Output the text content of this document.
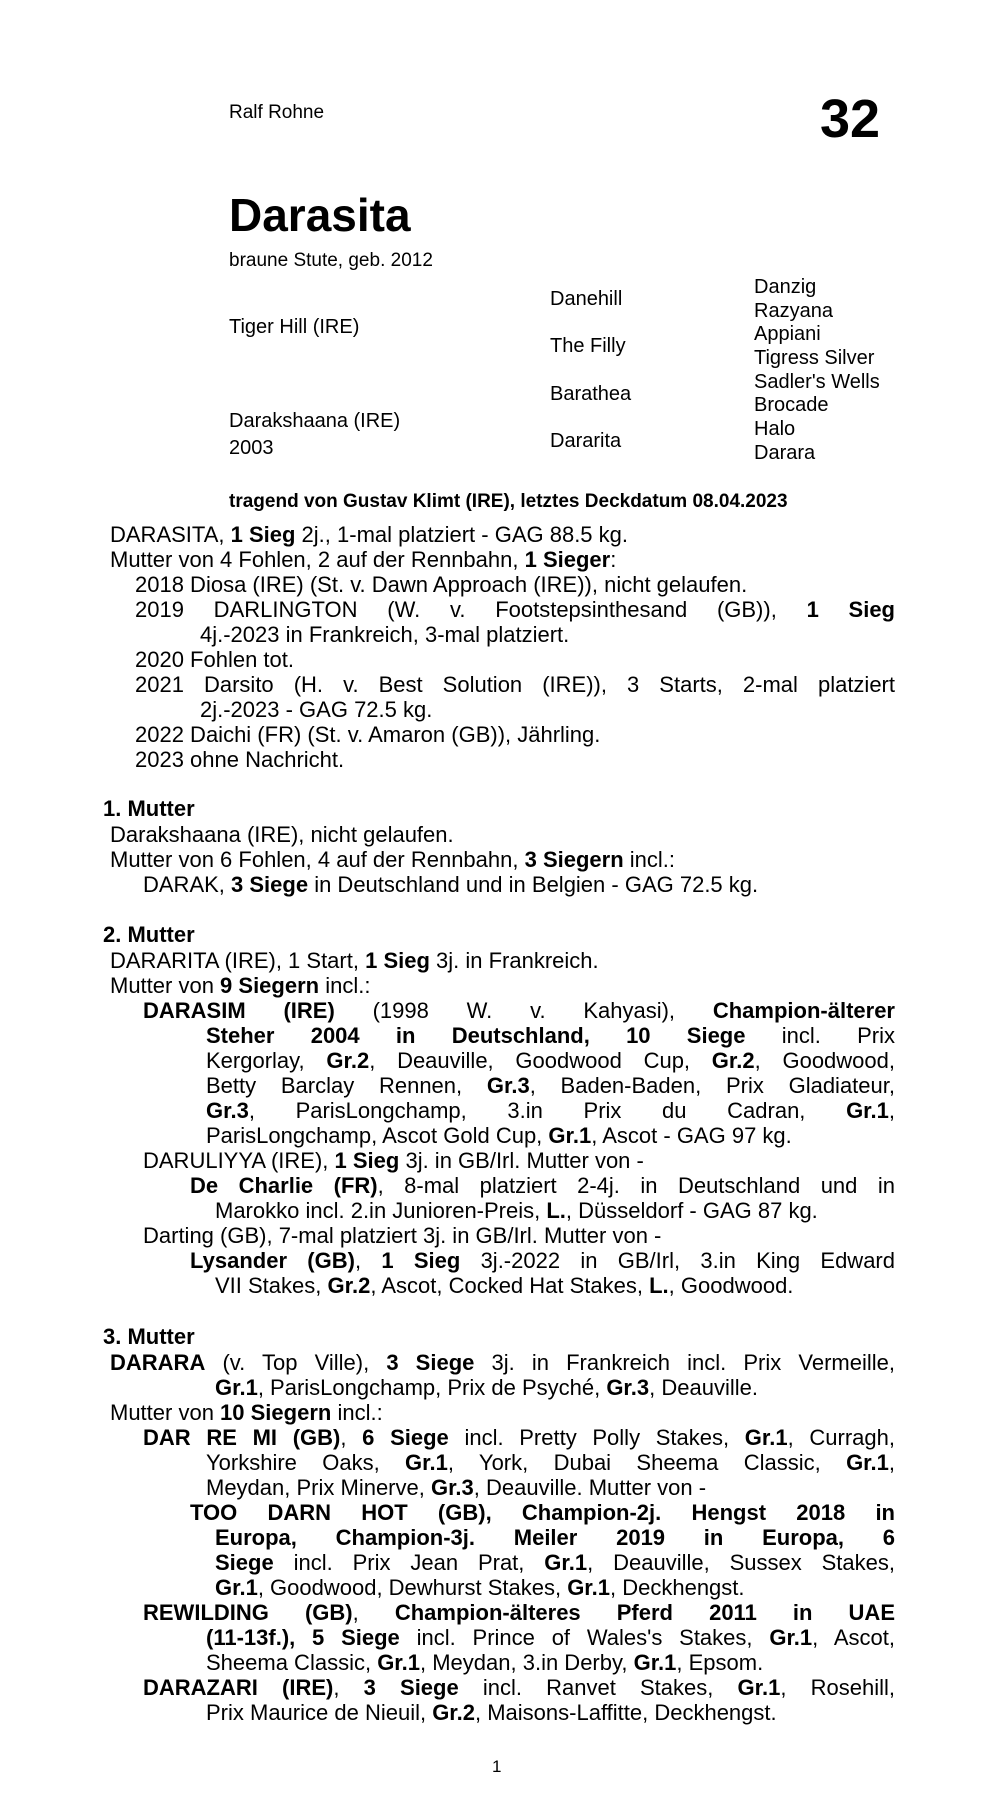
Ralf Rohne	32
Darasita
braune Stute, geb. 2012
Tiger Hill (IRE)
Darakshaana (IRE)
2003
Danehill
The Filly
Barathea
Dararita
Danzig
Razyana
Appiani
Tigress Silver
Sadler's Wells
Brocade
Halo
Darara
tragend von Gustav Klimt (IRE), letztes Deckdatum 08.04.2023
DARASITA, 1 Sieg 2j., 1-mal platziert - GAG 88.5 kg.
Mutter von 4 Fohlen, 2 auf der Rennbahn, 1 Sieger:
2018 Diosa (IRE) (St. v. Dawn Approach (IRE)), nicht gelaufen.
2019 DARLINGTON (W. v. Footstepsinthesand (GB)), 1 Sieg
4j.-2023 in Frankreich, 3-mal platziert.
2020 Fohlen tot.
2021 Darsito (H. v. Best Solution (IRE)), 3 Starts, 2-mal platziert
2j.-2023 - GAG 72.5 kg.
2022 Daichi (FR) (St. v. Amaron (GB)), Jährling.
2023 ohne Nachricht.
1. Mutter
Darakshaana (IRE), nicht gelaufen.
Mutter von 6 Fohlen, 4 auf der Rennbahn, 3 Siegern incl.:
DARAK, 3 Siege in Deutschland und in Belgien - GAG 72.5 kg.
2. Mutter
DARARITA (IRE), 1 Start, 1 Sieg 3j. in Frankreich.
Mutter von 9 Siegern incl.:
DARASIM (IRE) (1998 W. v. Kahyasi), Champion-älterer
Steher 2004 in Deutschland, 10 Siege incl. Prix
Kergorlay, Gr.2, Deauville, Goodwood Cup, Gr.2, Goodwood,
Betty Barclay Rennen, Gr.3, Baden-Baden, Prix Gladiateur,
Gr.3, ParisLongchamp, 3.in Prix du Cadran, Gr.1,
ParisLongchamp, Ascot Gold Cup, Gr.1, Ascot - GAG 97 kg.
DARULIYYA (IRE), 1 Sieg 3j. in GB/Irl. Mutter von -
De Charlie (FR), 8-mal platziert 2-4j. in Deutschland und in
Marokko incl. 2.in Junioren-Preis, L., Düsseldorf - GAG 87 kg.
Darting (GB), 7-mal platziert 3j. in GB/Irl. Mutter von -
Lysander (GB), 1 Sieg 3j.-2022 in GB/Irl, 3.in King Edward
VII Stakes, Gr.2, Ascot, Cocked Hat Stakes, L., Goodwood.
3. Mutter
DARARA (v. Top Ville), 3 Siege 3j. in Frankreich incl. Prix Vermeille,
Gr.1, ParisLongchamp, Prix de Psyché, Gr.3, Deauville.
Mutter von 10 Siegern incl.:
DAR RE MI (GB), 6 Siege incl. Pretty Polly Stakes, Gr.1, Curragh,
Yorkshire Oaks, Gr.1, York, Dubai Sheema Classic, Gr.1,
Meydan, Prix Minerve, Gr.3, Deauville. Mutter von -
TOO DARN HOT (GB), Champion-2j. Hengst 2018 in
Europa, Champion-3j. Meiler 2019 in Europa, 6
Siege incl. Prix Jean Prat, Gr.1, Deauville, Sussex Stakes,
Gr.1, Goodwood, Dewhurst Stakes, Gr.1, Deckhengst.
REWILDING (GB), Champion-älteres Pferd 2011 in UAE
(11-13f.), 5 Siege incl. Prince of Wales's Stakes, Gr.1, Ascot,
Sheema Classic, Gr.1, Meydan, 3.in Derby, Gr.1, Epsom.
DARAZARI (IRE), 3 Siege incl. Ranvet Stakes, Gr.1, Rosehill,
Prix Maurice de Nieuil, Gr.2, Maisons-Laffitte, Deckhengst.
1
